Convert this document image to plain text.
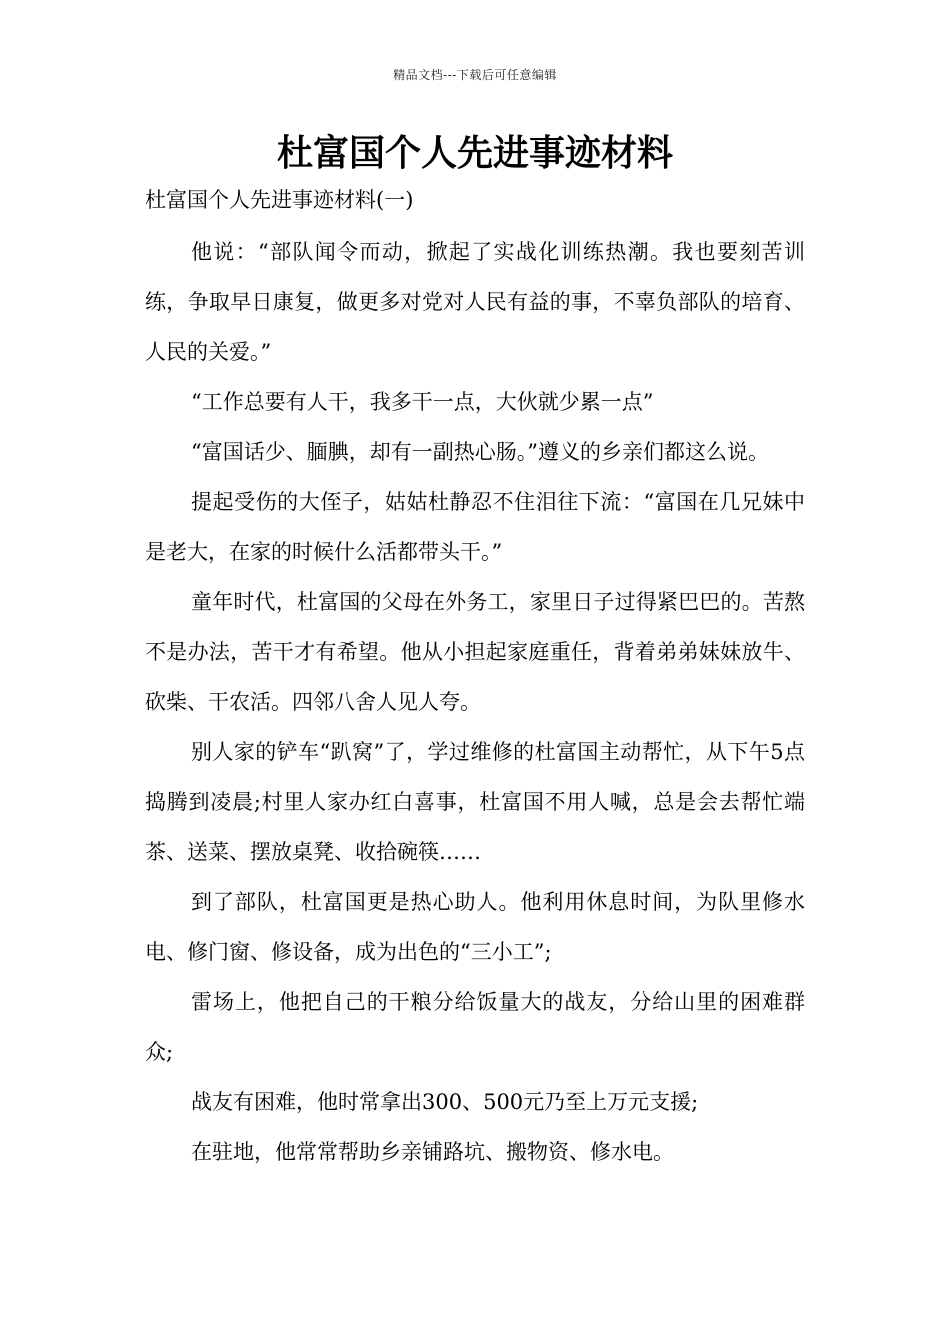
精品文档---下载后可任意编辑
杜富国个人先进事迹材料

杜富国个人先进事迹材料(一)

他说：“部队闻令而动，掀起了实战化训练热潮。我也要刻苦训练，争取早日康复，做更多对党对人民有益的事，不辜负部队的培育、人民的关爱。”

“工作总要有人干，我多干一点，大伙就少累一点”

“富国话少、腼腆，却有一副热心肠。”遵义的乡亲们都这么说。

提起受伤的大侄子，姑姑杜静忍不住泪往下流：“富国在几兄妹中是老大，在家的时候什么活都带头干。”

童年时代，杜富国的父母在外务工，家里日子过得紧巴巴的。苦熬不是办法，苦干才有希望。他从小担起家庭重任，背着弟弟妹妹放牛、砍柴、干农活。四邻八舍人见人夸。

别人家的铲车“趴窝”了，学过维修的杜富国主动帮忙，从下午5点捣腾到凌晨;村里人家办红白喜事，杜富国不用人喊，总是会去帮忙端茶、送菜、摆放桌凳、收拾碗筷……

到了部队，杜富国更是热心助人。他利用休息时间，为队里修水电、修门窗、修设备，成为出色的“三小工”;

雷场上，他把自己的干粮分给饭量大的战友，分给山里的困难群众;

战友有困难，他时常拿出300、500元乃至上万元支援;

在驻地，他常常帮助乡亲铺路坑、搬物资、修水电。
